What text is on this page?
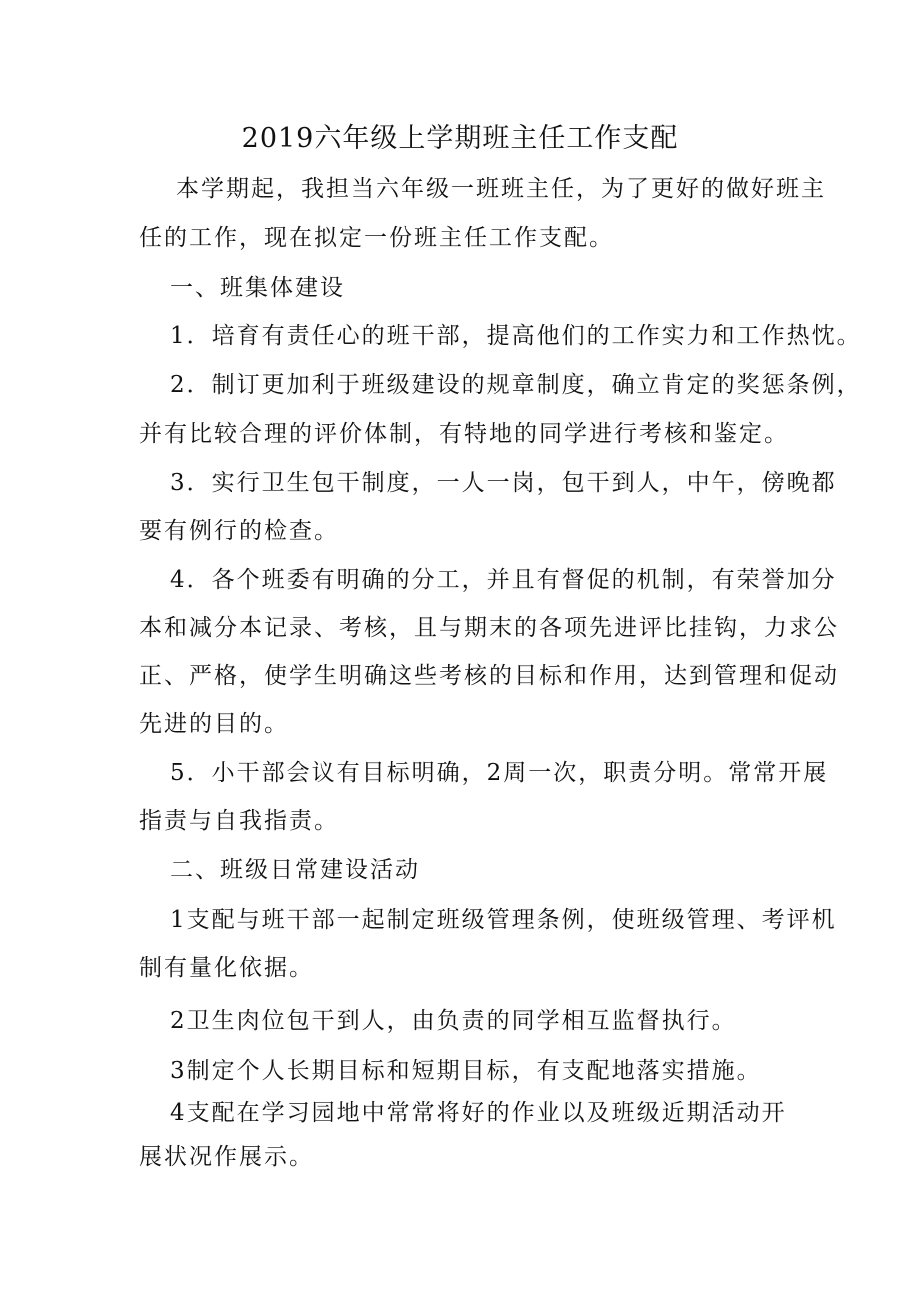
2019六年级上学期班主任工作支配

本学期起，我担当六年级一班班主任，为了更好的做好班主

任的工作，现在拟定一份班主任工作支配。

一、班集体建设

1．培育有责任心的班干部，提高他们的工作实力和工作热忱。

2．制订更加利于班级建设的规章制度，确立肯定的奖惩条例，

并有比较合理的评价体制，有特地的同学进行考核和鉴定。

3．实行卫生包干制度，一人一岗，包干到人，中午，傍晚都

要有例行的检查。

4．各个班委有明确的分工，并且有督促的机制，有荣誉加分

本和减分本记录、考核，且与期末的各项先进评比挂钩，力求公

正、严格，使学生明确这些考核的目标和作用，达到管理和促动

先进的目的。

5．小干部会议有目标明确，2周一次，职责分明。常常开展

指责与自我指责。

二、班级日常建设活动

1支配与班干部一起制定班级管理条例，使班级管理、考评机

制有量化依据。

2卫生肉位包干到人，由负责的同学相互监督执行。

3制定个人长期目标和短期目标，有支配地落实措施。

4支配在学习园地中常常将好的作业以及班级近期活动开

展状况作展示。
